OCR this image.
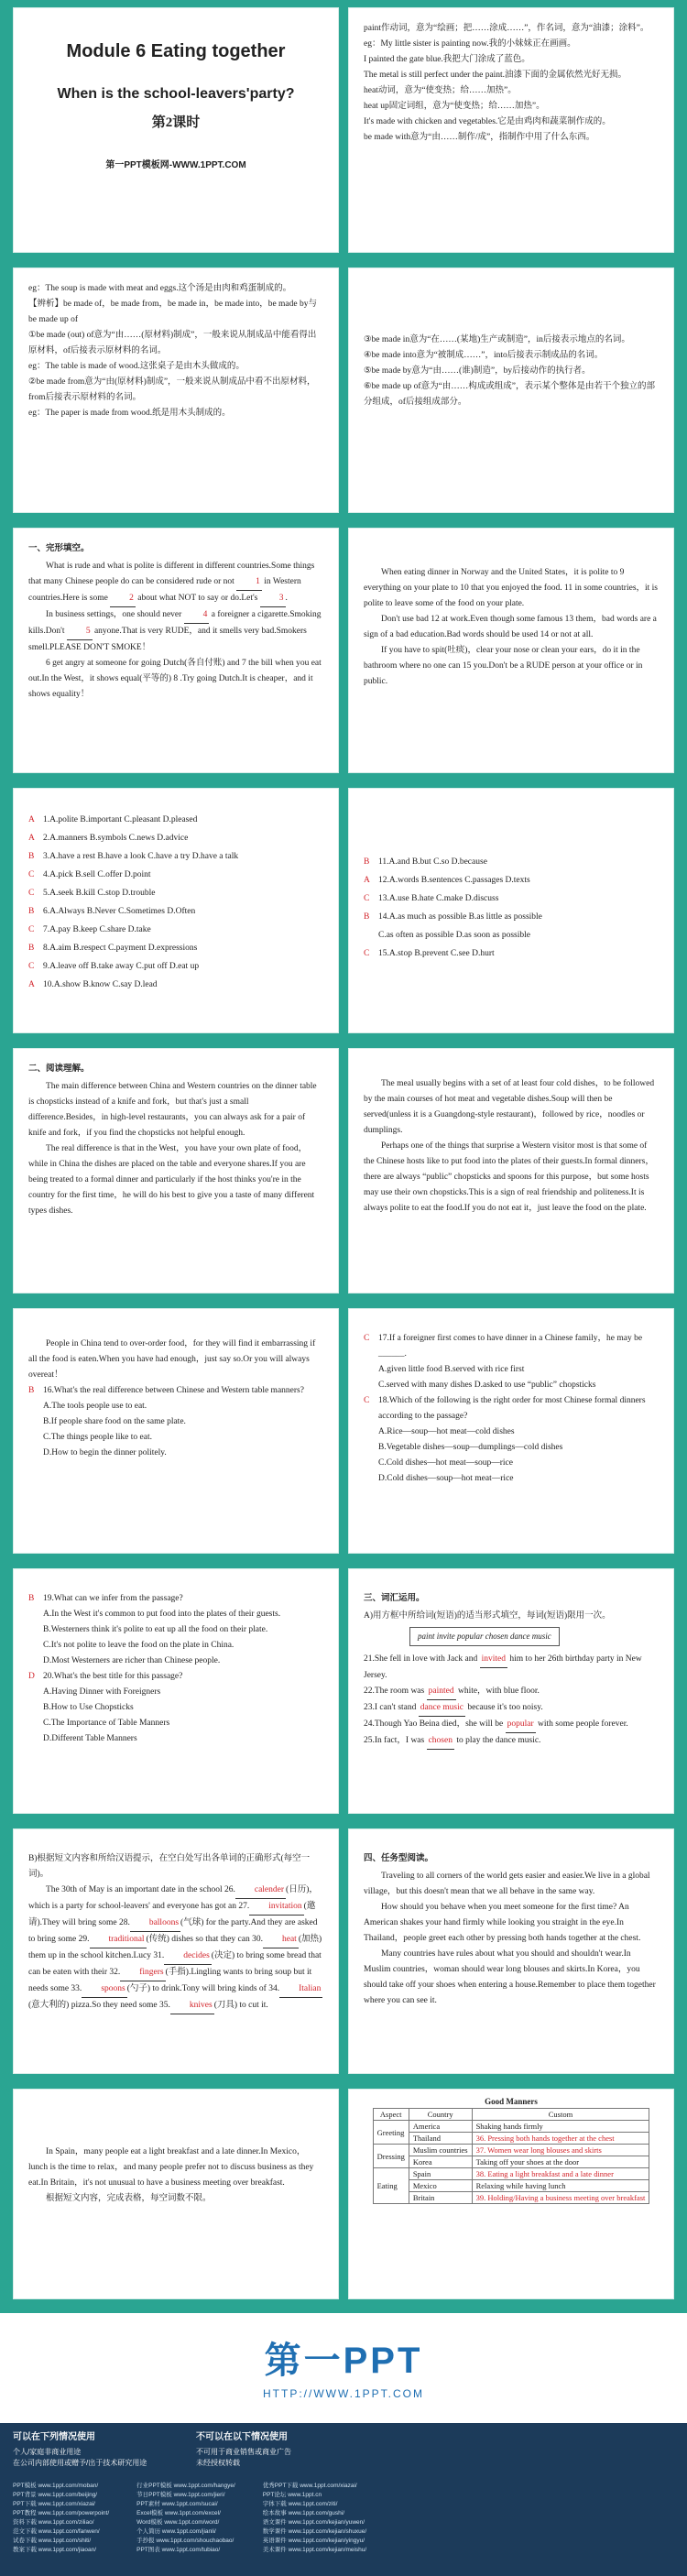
Module 6 Eating together
When is the school-leavers'party?
第2课时
第一PPT模板网-WWW.1PPT.COM
paint作动词，意为“绘画；把……涂成……”，作名词，意为“油漆；涂料”。
eg：My little sister is painting now.我的小妹妹正在画画。
I painted the gate blue.我把大门涂成了蓝色。
The metal is still perfect under the paint.油漆下面的金属依然光好无损。
heat动词，意为“使变热；给……加热”。
heat up固定词组，意为“使变热；给……加热”。
It's made with chicken and vegetables.它是由鸡肉和蔬菜制作成的。
be made with意为“由……制作/成”，指制作中用了什么东西。
eg：The soup is made with meat and eggs.这个汤是由肉和鸡蛋制成的。
【辨析】be made of，be made from，be made in，be made into，be made by与be made up of
①be made (out) of意为“由……(原材料)制成”，一般来说从制成品中能看得出原材料，of后接表示原材料的名词。
eg：The table is made of wood.这张桌子是由木头做成的。
②be made from意为“由(原材料)制成”，一般来说从制成品中看不出原材料，from后接表示原材料的名词。
eg：The paper is made from wood.纸是用木头制成的。
③be made in意为“在……(某地)生产或制造”，in后接表示地点的名词。
④be made into意为“被制成……”，into后接表示制成品的名词。
⑤be made by意为“由……(谁)制造”，by后接动作的执行者。
⑥be made up of意为“由……构成或组成”，表示某个整体是由若干个独立的部分组成，of后接组成部分。
一、完形填空。

What is rude and what is polite is different in different countries.Some things that many Chinese people do can be considered rude or not 1 in Western countries.Here is some 2 about what NOT to say or do.Let's 3 .

In business settings，one should never 4 a foreigner a cigarette.Smoking kills.Don't 5 anyone.That is very RUDE，and it smells very bad.Smokers smell.PLEASE DON'T SMOKE！

6 get angry at someone for going Dutch(各自付账) and 7 the bill when you eat out.In the West，it shows equal(平等的) 8 .Try going Dutch.It is cheaper，and it shows equality！

When eating dinner in Norway and the United States，it is polite to 9 everything on your plate to 10 that you enjoyed the food. 11 in some countries，it is polite to leave some of the food on your plate.

Don't use bad 12 at work.Even though some famous 13 them，bad words are a sign of a bad education.Bad words should be used 14 or not at all.

If you have to spit(吐痰)，clear your nose or clean your ears，do it in the bathroom where no one can 15 you.Don't be a RUDE person at your office or in public.

A 1.A.polite B.important C.pleasant D.pleased
A 2.A.manners B.symbols C.news D.advice
B	3.A.have a rest B.have a look C.have a try D.have a talk
C	4.A.pick B.sell C.offer D.point
C	5.A.seek B.kill C.stop D.trouble
B	6.A.Always B.Never C.Sometimes D.Often
C	7.A.pay B.keep C.share D.take
B	8.A.aim B.respect C.payment D.expressions
C	9.A.leave off B.take away C.put off D.eat up
A 10.A.show B.know C.say D.lead
B	11.A.and B.but C.so D.because
A 12.A.words B.sentences C.passages D.texts
C	13.A.use B.hate C.make D.discuss
B	14.A.as much as possible B.as little as possible
C.as often as possible D.as soon as possible
C	15.A.stop B.prevent C.see D.hurt
二、阅读理解。

The main difference between China and Western countries on the dinner table is chopsticks instead of a knife and fork，but that's just a small difference.Besides，in high-level restaurants，you can always ask for a pair of knife and fork，if you find the chopsticks not helpful enough.

The real difference is that in the West，you have your own plate of food，while in China the dishes are placed on the table and everyone shares.If you are being treated to a formal dinner and particularly if the host thinks you're in the country for the first time，he will do his best to give you a taste of many different types dishes.

The meal usually begins with a set of at least four cold dishes，to be followed by the main courses of hot meat and vegetable dishes.Soup will then be served(unless it is a Guangdong-style restaurant)，followed by rice，noodles or dumplings.

Perhaps one of the things that surprise a Western visitor most is that some of the Chinese hosts like to put food into the plates of their guests.In formal dinners，there are always “public” chopsticks and spoons for this purpose，but some hosts may use their own chopsticks.This is a sign of real friendship and politeness.It is always polite to eat the food.If you do not eat it，just leave the food on the plate.

People in China tend to over-order food，for they will find it embarrassing if all the food is eaten.When you have had enough，just say so.Or you will always overeat！

B	16.What's the real difference between Chinese and Western table manners?
A.The tools people use to eat.
B.If people share food on the same plate.
C.The things people like to eat.
D.How to begin the dinner politely.
C	17.If a foreigner first comes to have dinner in a Chinese family，he may be ______.
A.given little food B.served with rice first
C.served with many dishes D.asked to use “public” chopsticks
C	18.Which of the following is the right order for most Chinese formal dinners according to the passage?
A.Rice—soup—hot meat—cold dishes
B.Vegetable dishes—soup—dumplings—cold dishes
C.Cold dishes—hot meat—soup—rice
D.Cold dishes—soup—hot meat—rice
B	19.What can we infer from the passage?
A.In the West it's common to put food into the plates of their guests.
B.Westerners think it's polite to eat up all the food on their plate.
C.It's not polite to leave the food on the plate in China.
D.Most Westerners are richer than Chinese people.
D 20.What's the best title for this passage?
A.Having Dinner with Foreigners
B.How to Use Chopsticks
C.The Importance of Table Manners
D.Different Table Manners
三、词汇运用。
A)用方框中所给词(短语)的适当形式填空，每词(短语)限用一次。
paint invite popular chosen dance music
21.She fell in love with Jack and invited him to her 26th birthday party in New Jersey.
22.The room was painted white，with blue floor.
23.I can't stand dance music because it's too noisy.
24.Though Yao Beina died，she will be popular with some people forever.
25.In fact，I was chosen to play the dance music.
B)根据短文内容和所给汉语提示，在空白处写出各单词的正确形式(每空一词)。
The 30th of May is an important date in the school 26. calender (日历)，which is a party for school-leavers' and everyone has got an 27. invitation (邀请).They will bring some 28. balloons (气球) for the party.And they are asked to bring some 29. traditional (传统) dishes so that they can 30. heat (加热) them up in the school kitchen.Lucy 31. decides (决定) to bring some bread that can be eaten with their 32. fingers (手指).Lingling wants to bring soup but it needs some 33. spoons (勺子) to drink.Tony will bring kinds of 34. Italian(意大利的) pizza.So they need some 35. knives (刀具) to cut it.
四、任务型阅读。

Traveling to all corners of the world gets easier and easier.We live in a global village，but this doesn't mean that we all behave in the same way.

How should you behave when you meet someone for the first time? An American shakes your hand firmly while looking you straight in the eye.In Thailand，people greet each other by pressing both hands together at the chest.

Many countries have rules about what you should and shouldn't wear.In Muslim countries，woman should wear long blouses and skirts.In Korea，you should take off your shoes when entering a house.Remember to place them together where you can see it.

In Spain，many people eat a light breakfast and a late dinner.In Mexico，lunch is the time to relax，and many people prefer not to discuss business as they eat.In Britain，it's not unusual to have a business meeting over breakfast.

根据短文内容，完成表格，每空词数不限。

Good Manners
Aspect	Country	Custom
Greeting	America	Shaking hands firmly
	Thailand	36. Pressing both hands together at the chest
Dressing	Muslim countries	37. Women wear long blouses and skirts
	Korea	Taking off your shoes at the door
Eating	Spain	38. Eating a light breakfast and a late dinner
	Mexico	Relaxing while having lunch
	Britain	39. Holding/Having a business meeting over breakfast
第一PPT
HTTP://WWW.1PPT.COM
可以在下列情况使用
个人/家庭非商业用途
在公司内部使用或赠予/出于技术研究用途
不可以在以下情况使用
不可用于商业销售或商业广告
未经授权转载
PPT模板 www.1ppt.com/moban/
PPT背景 www.1ppt.com/beijing/
PPT下载 www.1ppt.com/xiazai/
PPT教程 www.1ppt.com/powerpoint/
资料下载 www.1ppt.com/ziliao/
范文下载 www.1ppt.com/fanwen/
试卷下载 www.1ppt.com/shiti/
教案下载 www.1ppt.com/jiaoan/
行业PPT模板 www.1ppt.com/hangye/
节日PPT模板 www.1ppt.com/jieri/
PPT素材 www.1ppt.com/sucai/
Excel模板 www.1ppt.com/excel/
Word模板 www.1ppt.com/word/
个人简历 www.1ppt.com/jianli/
手抄报 www.1ppt.com/shouchaobao/
PPT图表 www.1ppt.com/tubiao/
优秀PPT下载 www.1ppt.com/xiazai/
PPT论坛 www.1ppt.cn
字体下载 www.1ppt.com/ziti/
绘本故事 www.1ppt.com/gushi/
语文课件 www.1ppt.com/kejian/yuwen/
数学课件 www.1ppt.com/kejian/shuxue/
英语课件 www.1ppt.com/kejian/yingyu/
美术课件 www.1ppt.com/kejian/meishu/
